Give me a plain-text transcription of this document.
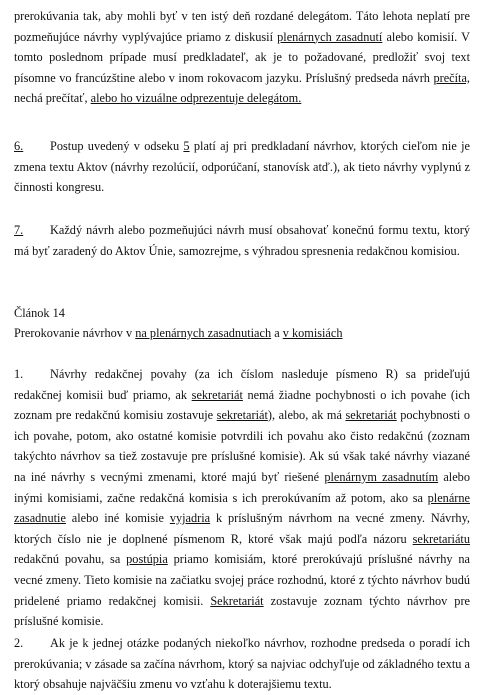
prerokúvania tak, aby mohli byť v ten istý deň rozdané delegátom. Táto lehota neplatí pre pozmeňujúce návrhy vyplývajúce priamo z diskusií plenárnych zasadnutí alebo komisií. V tomto poslednom prípade musí predkladateľ, ak je to požadované, predložiť svoj text písomne vo francúzštine alebo v inom rokovacom jazyku. Príslušný predseda návrh prečíta, nechá prečítať, alebo ho vizuálne odprezentuje delegátom.

6. Postup uvedený v odseku 5 platí aj pri predkladaní návrhov, ktorých cieľom nie je zmena textu Aktov (návrhy rezolúcií, odporúčaní, stanovísk atď.), ak tieto návrhy vyplynú z činnosti kongresu.

7. Každý návrh alebo pozmeňujúci návrh musí obsahovať konečnú formu textu, ktorý má byť zaradený do Aktov Únie, samozrejme, s výhradou spresnenia redakčnou komisiou.

Článok 14
Prerokovanie návrhov v na plenárnych zasadnutiach a v komisiách

1. Návrhy redakčnej povahy (za ich číslom nasleduje písmeno R) sa prideľujú redakčnej komisii buď priamo, ak sekretariát nemá žiadne pochybnosti o ich povahe (ich zoznam pre redakčnú komisiu zostavuje sekretariát), alebo, ak má sekretariát pochybnosti o ich povahe, potom, ako ostatné komisie potvrdili ich povahu ako čisto redakčnú (zoznam takýchto návrhov sa tiež zostavuje pre príslušné komisie). Ak sú však také návrhy viazané na iné návrhy s vecnými zmenami, ktoré majú byť riešené plenárnym zasadnutím alebo inými komisiami, začne redakčná komisia s ich prerokúvaním až potom, ako sa plenárne zasadnutie alebo iné komisie vyjadria k príslušným návrhom na vecné zmeny. Návrhy, ktorých číslo nie je doplnené písmenom R, ktoré však majú podľa názoru sekretariátu redakčnú povahu, sa postúpia priamo komisiám, ktoré prerokúvajú príslušné návrhy na vecné zmeny. Tieto komisie na začiatku svojej práce rozhodnú, ktoré z týchto návrhov budú pridelené priamo redakčnej komisii. Sekretariát zostavuje zoznam týchto návrhov pre príslušné komisie.

2. Ak je k jednej otázke podaných niekoľko návrhov, rozhodne predseda o poradí ich prerokúvania; v zásade sa začína návrhom, ktorý sa najviac odchyľuje od základného textu a ktorý obsahuje najväčšiu zmenu vo vzťahu k doterajšiemu textu.
